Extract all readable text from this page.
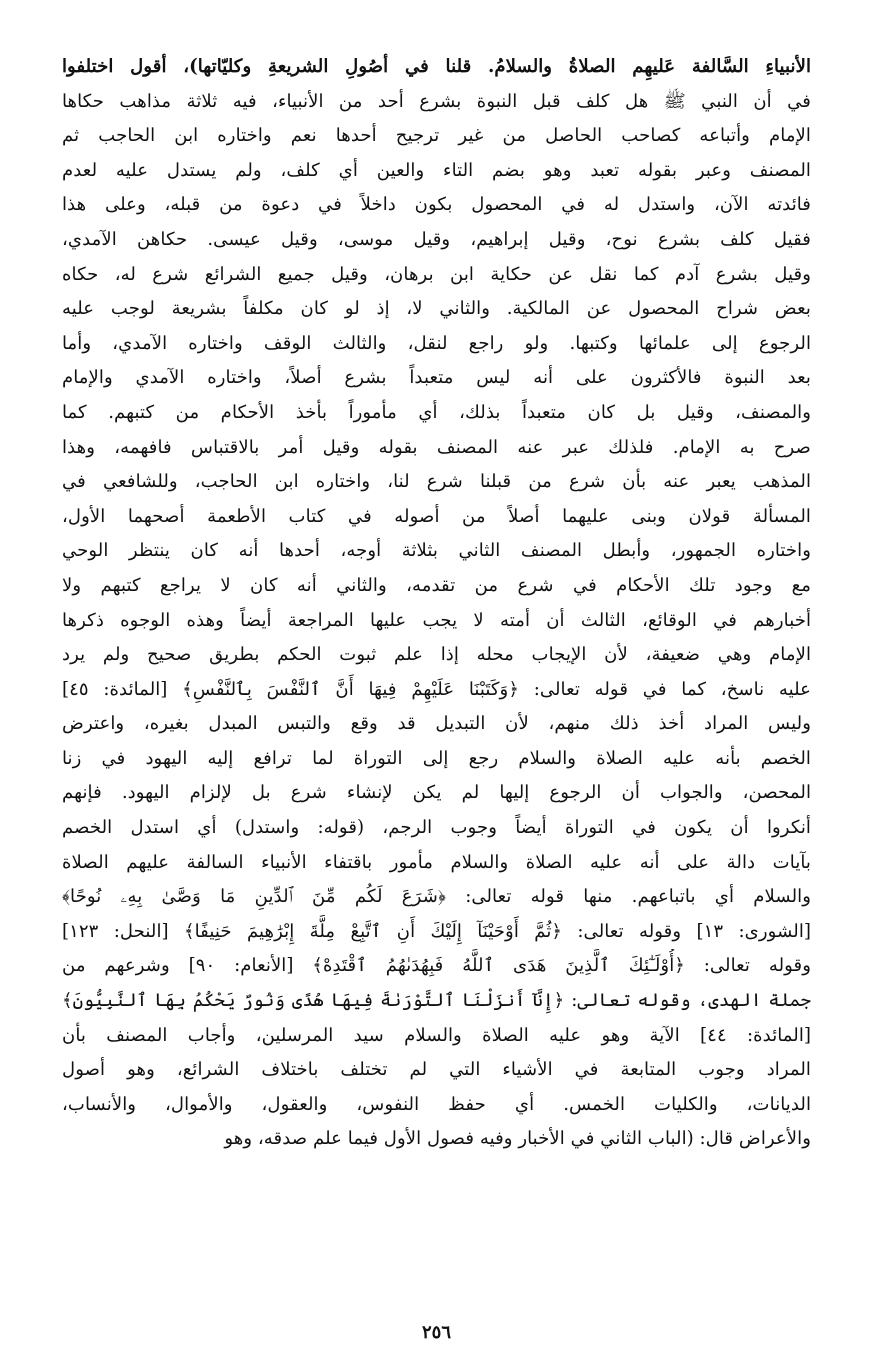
الأنبياءِ السَّالفة عَليهِم الصلاةُ والسلامُ. قلنا في أصُولِ الشريعةِ وكليّاتها)، أقول اختلفوا
في أن النبي ﷺ هل كلف قبل النبوة بشرع أحد من الأنبياء، فيه ثلاثة مذاهب حكاها
الإمام وأتباعه كصاحب الحاصل من غير ترجيح أحدها نعم واختاره ابن الحاجب ثم
المصنف وعبر بقوله تعبد وهو بضم التاء والعين أي كلف، ولم يستدل عليه لعدم
فائدته الآن، واستدل له في المحصول بكون داخلاً في دعوة من قبله، وعلى هذا
فقيل كلف بشرع نوح، وقيل إبراهيم، وقيل موسى، وقيل عيسى. حكاهن الآمدي،
وقيل بشرع آدم كما نقل عن حكاية ابن برهان، وقيل جميع الشرائع شرع له، حكاه
بعض شراح المحصول عن المالكية. والثاني لا، إذ لو كان مكلفاً بشريعة لوجب عليه
الرجوع إلى علمائها وكتبها. ولو راجع لنقل، والثالث الوقف واختاره الآمدي، وأما
بعد النبوة فالأكثرون على أنه ليس متعبداً بشرع أصلاً، واختاره الآمدي والإمام
والمصنف، وقيل بل كان متعبداً بذلك، أي مأموراً بأخذ الأحكام من كتبهم. كما
صرح به الإمام. فلذلك عبر عنه المصنف بقوله وقيل أمر بالاقتباس فافهمه، وهذا
المذهب يعبر عنه بأن شرع من قبلنا شرع لنا، واختاره ابن الحاجب، وللشافعي في
المسألة قولان وبنى عليهما أصلاً من أصوله في كتاب الأطعمة أصحهما الأول،
واختاره الجمهور، وأبطل المصنف الثاني بثلاثة أوجه، أحدها أنه كان ينتظر الوحي
مع وجود تلك الأحكام في شرع من تقدمه، والثاني أنه كان لا يراجع كتبهم ولا
أخبارهم في الوقائع، الثالث أن أمته لا يجب عليها المراجعة أيضاً وهذه الوجوه ذكرها
الإمام وهي ضعيفة، لأن الإيجاب محله إذا علم ثبوت الحكم بطريق صحيح ولم يرد
عليه ناسخ، كما في قوله تعالى: ﴿وَكَتَبْنَا عَلَيْهِمْ فِيهَا أَنَّ ٱلنَّفْسَ بِٱلنَّفْسِ﴾ [المائدة: ٤٥]
وليس المراد أخذ ذلك منهم، لأن التبديل قد وقع والتبس المبدل بغيره، واعترض
الخصم بأنه عليه الصلاة والسلام رجع إلى التوراة لما ترافع إليه اليهود في زنا
المحصن، والجواب أن الرجوع إليها لم يكن لإنشاء شرع بل لإلزام اليهود. فإنهم
أنكروا أن يكون في التوراة أيضاً وجوب الرجم، (قوله: واستدل) أي استدل الخصم
بآيات دالة على أنه عليه الصلاة والسلام مأمور باقتفاء الأنبياء السالفة عليهم الصلاة
والسلام أي باتباعهم. منها قوله تعالى: ﴿شَرَعَ لَكُم مِّنَ ٱلدِّينِ مَا وَصَّىٰ بِهِۦ نُوحًا﴾
[الشورى: ١٣] وقوله تعالى: ﴿ثُمَّ أَوْحَيْنَآ إِلَيْكَ أَنِ ٱتَّبِعْ مِلَّةَ إِبْرَٰهِيمَ حَنِيفًا﴾ [النحل: ١٢٣]
وقوله تعالى: ﴿أُوْلَـٰٓئِكَ ٱلَّذِينَ هَدَى ٱللَّهُ فَبِهُدَىٰهُمُ ٱقْتَدِهْ﴾ [الأنعام: ٩٠] وشرعهم من
جملة الهدى، وقوله تعالى: ﴿إِنَّآ أَنزَلْنَا ٱلتَّوْرَىٰةَ فِيهَا هُدًى وَنُورٌ يَحْكُمُ بِهَا ٱلنَّبِيُّونَ﴾
[المائدة: ٤٤] الآية وهو عليه الصلاة والسلام سيد المرسلين، وأجاب المصنف بأن
المراد وجوب المتابعة في الأشياء التي لم تختلف باختلاف الشرائع، وهو أصول
الديانات، والكليات الخمس. أي حفظ النفوس، والعقول، والأموال، والأنساب،
والأعراض قال: (الباب الثاني في الأخبار وفيه فصول الأول فيما علم صدقه، وهو
٢٥٦
